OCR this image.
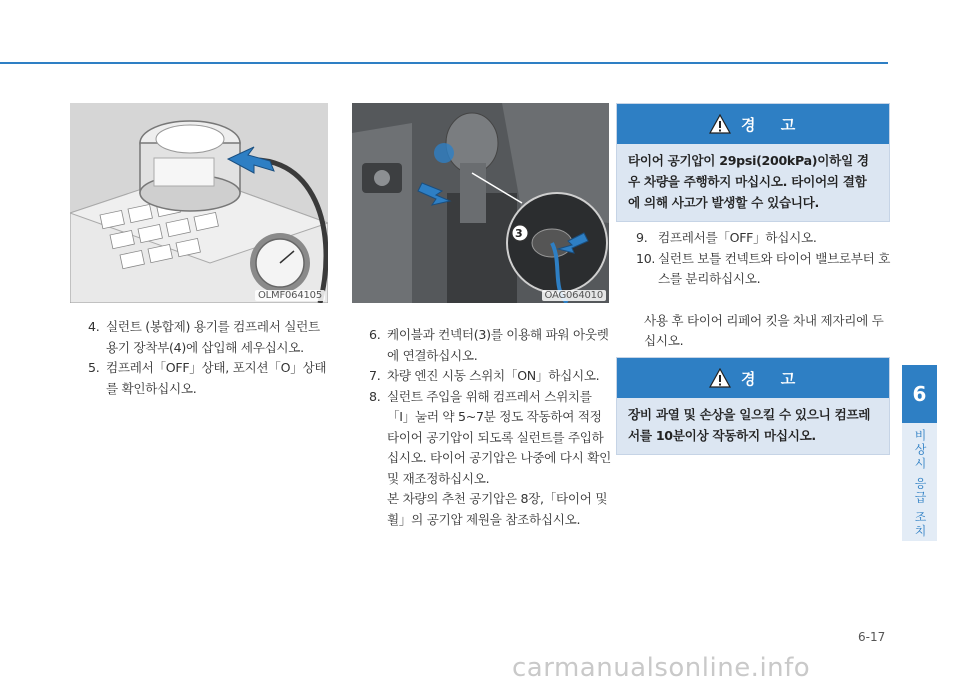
OLMF064105
3
OAG064010
4. 실런트 (봉합제) 용기를 컴프레서 실런트 용기 장착부(4)에 삽입해 세우십시오.
5. 컴프레서「OFF」상태, 포지션「O」상태를 확인하십시오.
6. 케이블과 컨넥터(3)를 이용해 파워 아웃렛에 연결하십시오.
7. 차량 엔진 시동 스위치「ON」하십시오.
8. 실런트 주입을 위해 컴프레서 스위치를「I」눌러 약 5~7분 정도 작동하여 적정 타이어 공기압이 되도록 실런트를 주입하십시오. 타이어 공기압은 나중에 다시 확인 및 재조정하십시오.
본 차량의 추천 공기압은 8장,「타이어 및 휠」의 공기압 제원을 참조하십시오.
경 고
타이어 공기압이 29psi(200kPa)이하일 경우 차량을 주행하지 마십시오. 타이어의 결함에 의해 사고가 발생할 수 있습니다.
9. 컴프레서를「OFF」하십시오.
10. 실런트 보틀 컨넥트와 타이어 밸브로부터 호스를 분리하십시오.
사용 후 타이어 리페어 킷을 차내 제자리에 두십시오.
경 고
장비 과열 및 손상을 일으킬 수 있으니 컴프레서를 10분이상 작동하지 마십시오.
6
비상시 응급 조치
6-17
carmanualsonline.info
